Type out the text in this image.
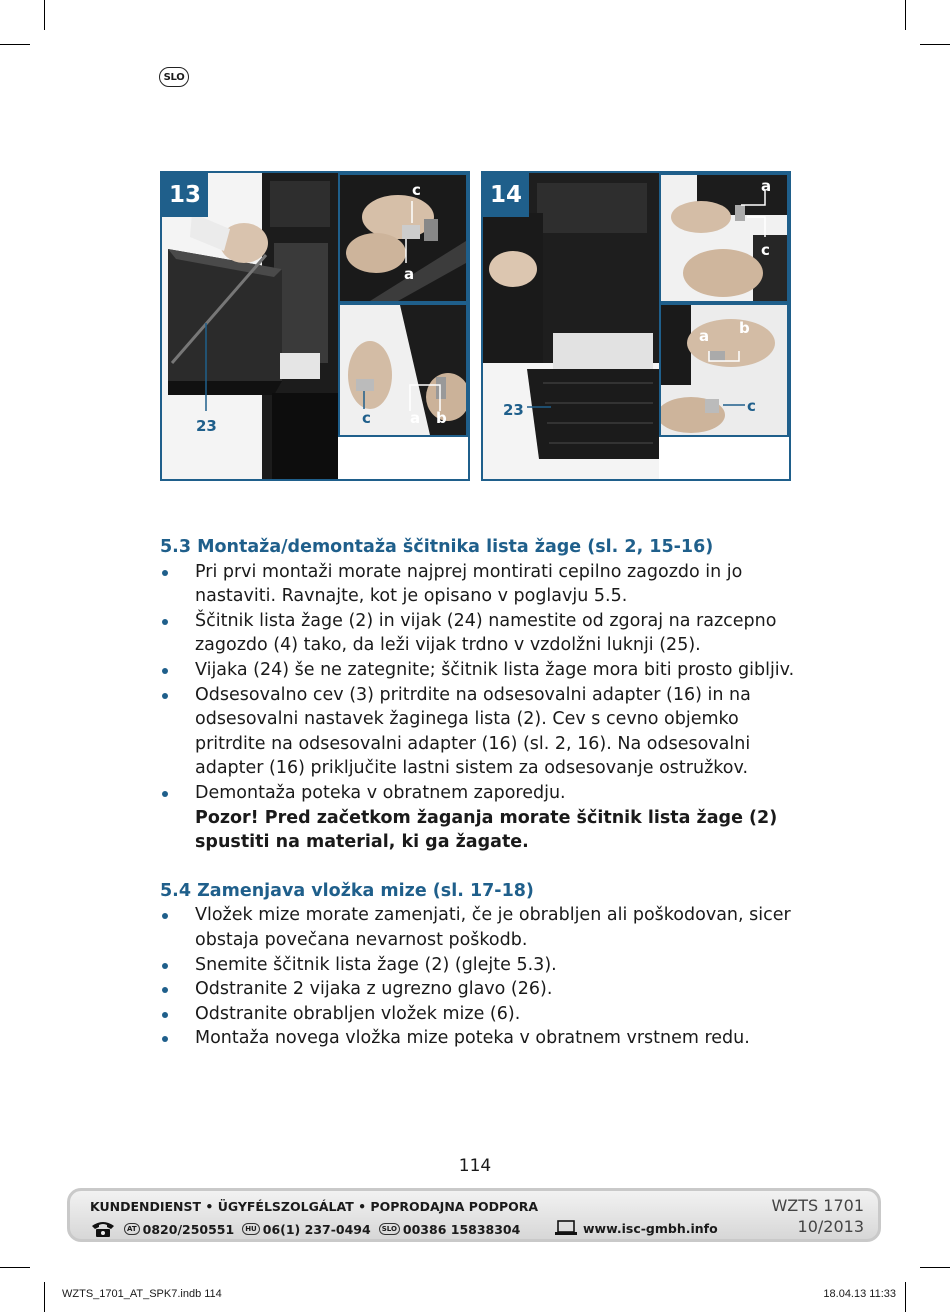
SLO
13	c
a
c	a b
23
14	a
c
a b
c
23
5.3 Montaža/demontaža ščitnika lista žage (sl. 2, 15-16)
Pri prvi montaži morate najprej montirati cepilno zagozdo in jo nastaviti. Ravnajte, kot je opisano v poglavju 5.5.
Ščitnik lista žage (2) in vijak (24) namestite od zgoraj na razcepno zagozdo (4) tako, da leži vijak trdno v vzdolžni luknji (25).
Vijaka (24) še ne zategnite; ščitnik lista žage mora biti prosto gibljiv.
Odsesovalno cev (3) pritrdite na odsesovalni adapter (16) in na odsesovalni nastavek žaginega lista (2). Cev s cevno objemko pritrdite na odsesovalni adapter (16) (sl. 2, 16). Na odsesovalni adapter (16) priključite lastni sistem za odsesovanje ostružkov.
Demontaža poteka v obratnem zaporedju.
Pozor! Pred začetkom žaganja morate ščitnik lista žage (2) spustiti na material, ki ga žagate.
5.4 Zamenjava vložka mize (sl. 17-18)
Vložek mize morate zamenjati, če je obrabljen ali poškodovan, sicer obstaja povečana nevarnost poškodb.
Snemite ščitnik lista žage (2) (glejte 5.3).
Odstranite 2 vijaka z ugrezno glavo (26).
Odstranite obrabljen vložek mize (6).
Montaža novega vložka mize poteka v obratnem vrstnem redu.
114
KUNDENDIENST • ÜGYFÉLSZOLGÁLAT • POPRODAJNA PODPORA
AT 0820/250551	HU 06(1) 237-0494	SLO 00386 15838304	www.isc-gmbh.info
WZTS 1701
10/2013
WZTS_1701_AT_SPK7.indb 114	18.04.13 11:33
